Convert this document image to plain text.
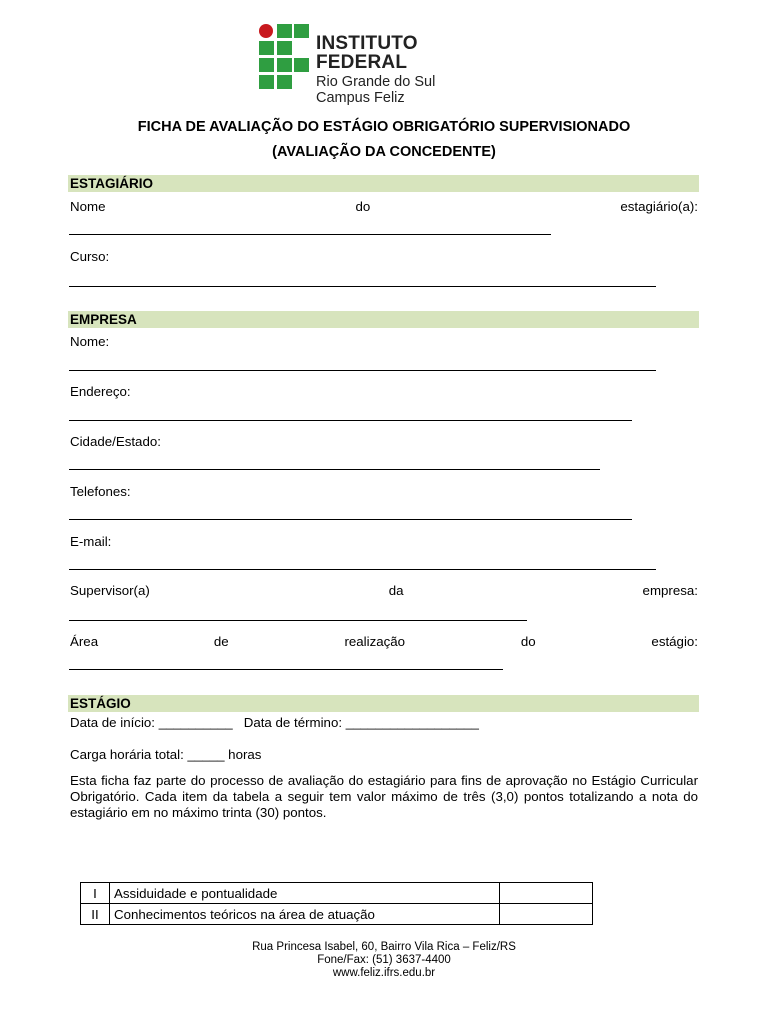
INSTITUTO FEDERAL
Rio Grande do Sul
Campus Feliz
FICHA DE AVALIAÇÃO DO ESTÁGIO OBRIGATÓRIO SUPERVISIONADO
(AVALIAÇÃO DA CONCEDENTE)
ESTAGIÁRIO
Nome	do	estagiário(a):
Curso:
EMPRESA
Nome:
Endereço:
Cidade/Estado:
Telefones:
E-mail:
Supervisor(a)	da	empresa:
Área	de	realização	do	estágio:
ESTÁGIO
Data de início: __________   Data de término: __________________
Carga horária total: _____ horas
Esta ficha faz parte do processo de avaliação do estagiário para fins de aprovação no Estágio Curricular Obrigatório. Cada item da tabela a seguir tem valor máximo de três (3,0) pontos totalizando a nota do estagiário em no máximo trinta (30) pontos.
I	Assiduidade e pontualidade	
II	Conhecimentos teóricos na área de atuação	
Rua Princesa Isabel, 60, Bairro Vila Rica – Feliz/RS
Fone/Fax: (51) 3637-4400
www.feliz.ifrs.edu.br
